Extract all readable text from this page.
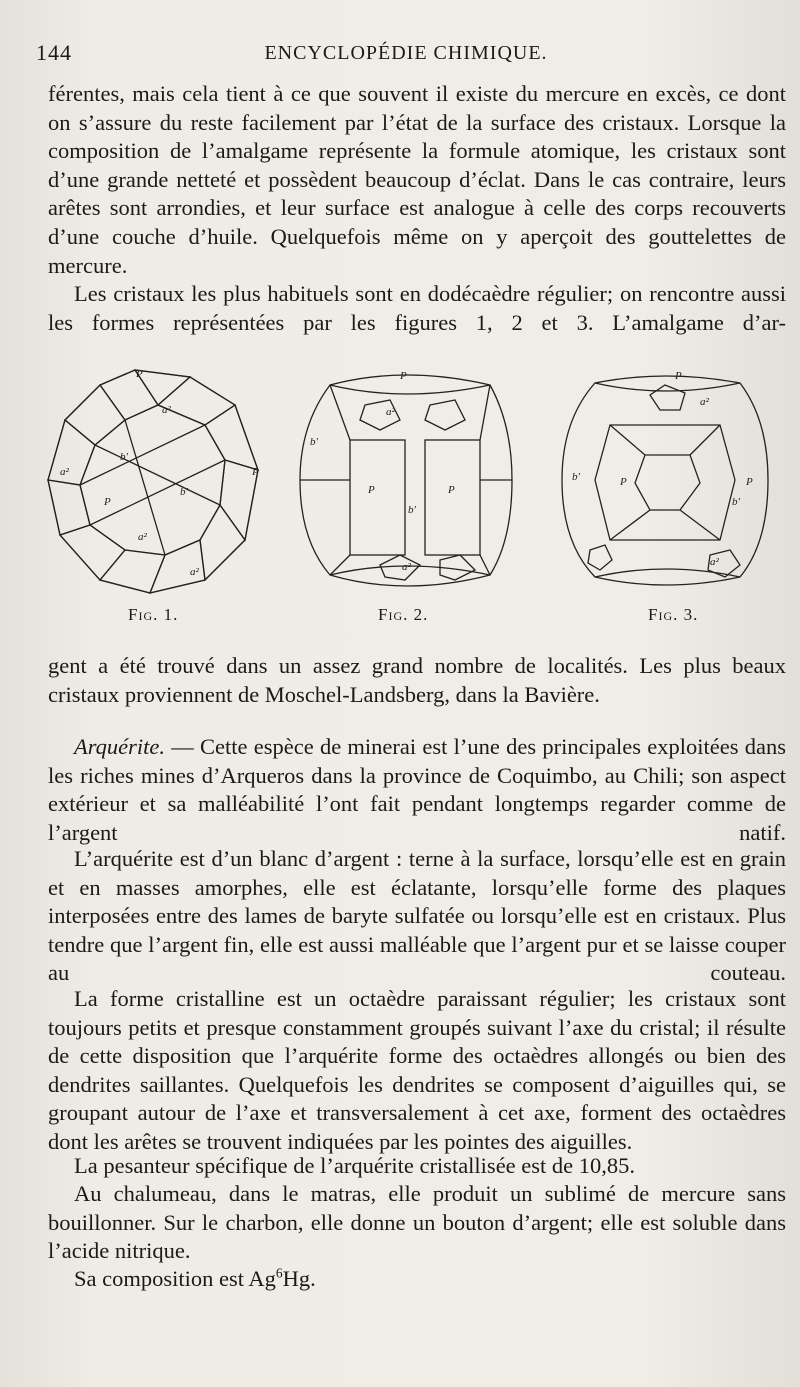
144	ENCYCLOPÉDIE CHIMIQUE.

férentes, mais cela tient à ce que souvent il existe du mercure en excès, ce dont on s’assure du reste facilement par l’état de la surface des cristaux. Lorsque la composition de l’amalgame représente la formule atomique, les cristaux sont d’une grande netteté et possèdent beaucoup d’éclat. Dans le cas contraire, leurs arêtes sont arrondies, et leur surface est analogue à celle des corps recouverts d’une couche d’huile. Quelquefois même on y aperçoit des gouttelettes de mercure.

Les cristaux les plus habituels sont en dodécaèdre régulier; on rencontre aussi les formes représentées par les figures 1, 2 et 3. L’amalgame d’ar-

P
a²
b'
a²
P
b'
a²
P
a²
Fig. 1.
P
a²
b'
P	P
b'
a²
Fig. 2.
P
a²
b'	P	P
b'
a²
Fig. 3.

gent a été trouvé dans un assez grand nombre de localités. Les plus beaux cristaux proviennent de Moschel-Landsberg, dans la Bavière.

Arquérite. — Cette espèce de minerai est l’une des principales exploitées dans les riches mines d’Arqueros dans la province de Coquimbo, au Chili; son aspect extérieur et sa malléabilité l’ont fait pendant longtemps regarder comme de l’argent natif.

L’arquérite est d’un blanc d’argent : terne à la surface, lorsqu’elle est en grain et en masses amorphes, elle est éclatante, lorsqu’elle forme des plaques interposées entre des lames de baryte sulfatée ou lorsqu’elle est en cristaux. Plus tendre que l’argent fin, elle est aussi malléable que l’argent pur et se laisse couper au couteau.

La forme cristalline est un octaèdre paraissant régulier; les cristaux sont toujours petits et presque constamment groupés suivant l’axe du cristal; il résulte de cette disposition que l’arquérite forme des octaèdres allongés ou bien des dendrites saillantes. Quelquefois les dendrites se composent d’aiguilles qui, se groupant autour de l’axe et transversalement à cet axe, forment des octaèdres dont les arêtes se trouvent indiquées par les pointes des aiguilles.

La pesanteur spécifique de l’arquérite cristallisée est de 10,85.

Au chalumeau, dans le matras, elle produit un sublimé de mercure sans bouillonner. Sur le charbon, elle donne un bouton d’argent; elle est soluble dans l’acide nitrique.

Sa composition est Ag$^6$Hg.
